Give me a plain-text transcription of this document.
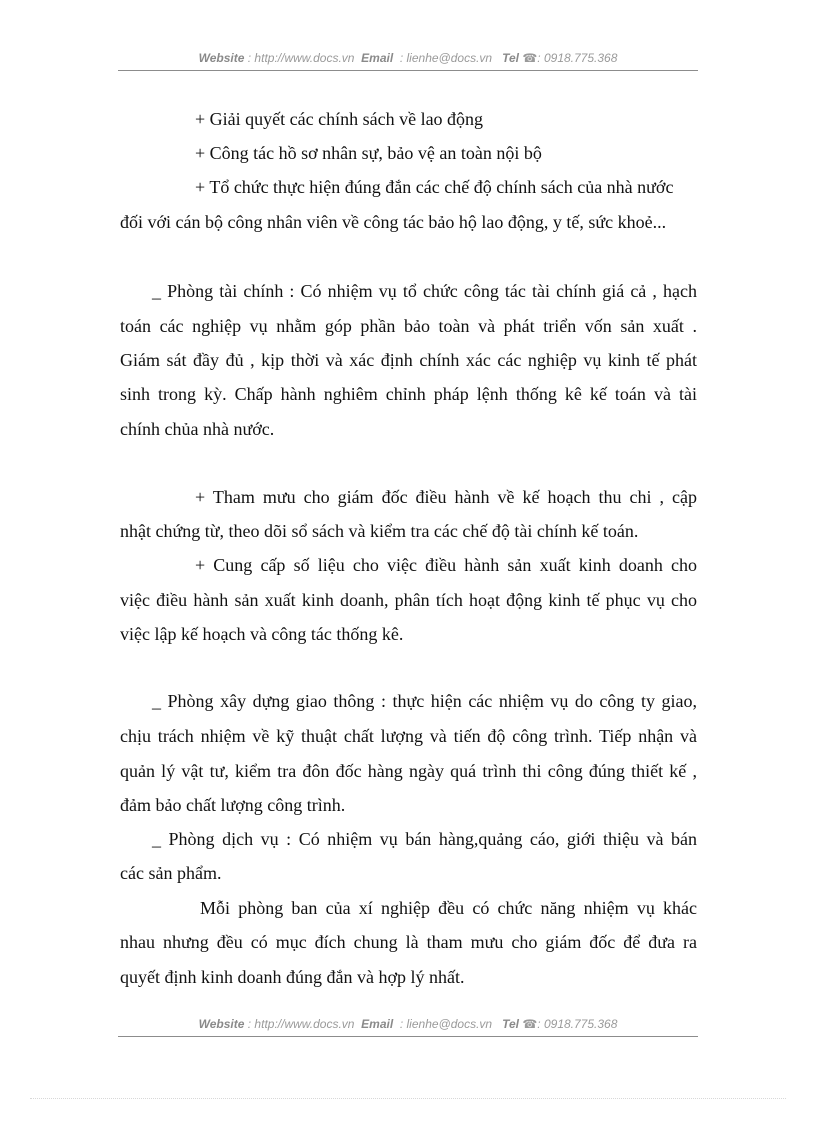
Website : http://www.docs.vn Email : lienhe@docs.vn Tel ☎: 0918.775.368
+ Giải quyết các chính sách về lao động
+ Công tác hồ sơ nhân sự, bảo vệ an toàn nội bộ
+ Tổ chức thực hiện đúng đắn các chế độ chính sách của nhà nước
đối với cán bộ công nhân viên về công tác bảo hộ lao động, y tế, sức khoẻ...
_ Phòng tài chính : Có nhiệm vụ tổ chức công tác tài chính giá cả , hạch
toán các nghiệp vụ nhằm góp phần bảo toàn và phát triển vốn sản xuất .
Giám sát đầy đủ , kịp thời và xác định chính xác các nghiệp vụ kinh tế phát
sinh trong kỳ. Chấp hành nghiêm chỉnh pháp lệnh thống kê kế toán và tài
chính chủa nhà nước.
+ Tham mưu cho giám đốc điều hành về kế hoạch thu chi , cập
nhật chứng từ, theo dõi sổ sách và kiểm tra các chế độ tài chính kế toán.
+ Cung cấp số liệu cho việc điều hành sản xuất kinh doanh cho
việc điều hành sản xuất kinh doanh, phân tích hoạt động kinh tế phục vụ cho
việc lập kế hoạch và công tác thống kê.
_ Phòng xây dựng giao thông : thực hiện các nhiệm vụ do công ty giao,
chịu trách nhiệm về kỹ thuật chất lượng và tiến độ công trình. Tiếp nhận và
quản lý vật tư, kiểm tra đôn đốc hàng ngày quá trình thi công đúng thiết kế ,
đảm bảo chất lượng công trình.
_ Phòng dịch vụ : Có nhiệm vụ bán hàng,quảng cáo, giới thiệu và bán
các sản phẩm.
Mỗi phòng ban của xí nghiệp đều có chức năng nhiệm vụ khác
nhau nhưng đều có mục đích chung là tham mưu cho giám đốc để đưa ra
quyết định kinh doanh đúng đắn và hợp lý nhất.
Website : http://www.docs.vn Email : lienhe@docs.vn Tel ☎: 0918.775.368
